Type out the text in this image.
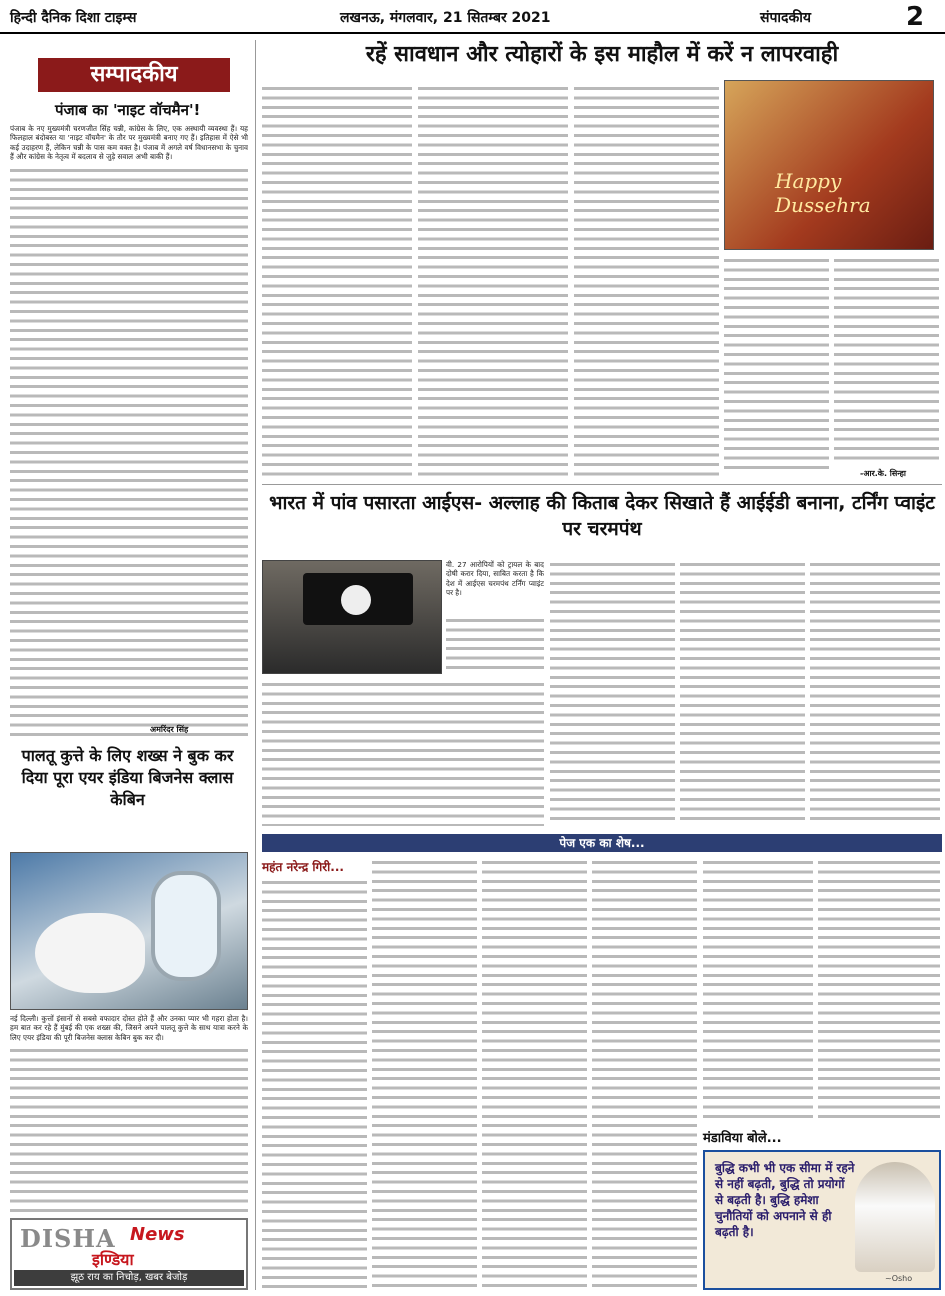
हिन्दी दैनिक दिशा टाइम्स	लखनऊ, मंगलवार, 21 सितम्बर 2021	संपादकीय	2
सम्पादकीय
पंजाब का 'नाइट वॉचमैन'!
पंजाब के नए मुख्यमंत्री चरणजीत सिंह चन्नी, कांग्रेस के लिए, एक अस्थायी व्यवस्था हैं। यह फिलहाल बंदोबस्त या 'नाइट वॉचमैन' के तौर पर मुख्यमंत्री बनाए गए हैं। इतिहास में ऐसे भी कई उदाहरण हैं, लेकिन चन्नी के पास कम वक्त है। पंजाब में अगले वर्ष विधानसभा के चुनाव हैं और कांग्रेस के नेतृत्व में बदलाव से जुड़े सवाल अभी बाकी हैं।
अमरिंदर सिंह
रहें सावधान और त्योहारों के इस माहौल में करें न लापरवाही
Happy Dussehra
-आर.के. सिन्हा
भारत में पांव पसारता आईएस- अल्लाह की किताब देकर सिखाते हैं आईईडी बनाना, टर्निंग प्वाइंट पर चरमपंथ
वी. 27 आरोपियों को ट्रायल के बाद दोषी करार दिया, साबित करता है कि देश में आईएस चरमपंथ टर्निंग प्वाइंट पर है।
पालतू कुत्ते के लिए शख्स ने बुक कर दिया पूरा एयर इंडिया बिजनेस क्लास केबिन
नई दिल्ली। कुत्तों इंसानों से सबसे वफादार दोस्त होते हैं और उनका प्यार भी गहरा होता है। हम बात कर रहे हैं मुंबई की एक शख्स की, जिसने अपने पालतू कुत्ते के साथ यात्रा करने के लिए एयर इंडिया की पूरी बिजनेस क्लास केबिन बुक कर दी।
DISHA News
इण्डिया
झूठ राय का निचोड़, खबर बेजोड़
पेज एक का शेष...
महंत नरेन्द्र गिरी...
मंडाविया बोले...
बुद्धि कभी भी एक सीमा में रहने से नहीं बढ़ती, बुद्धि तो प्रयोगों से बढ़ती है। बुद्धि हमेशा चुनौतियों को अपनाने से ही बढ़ती है।
~Osho
